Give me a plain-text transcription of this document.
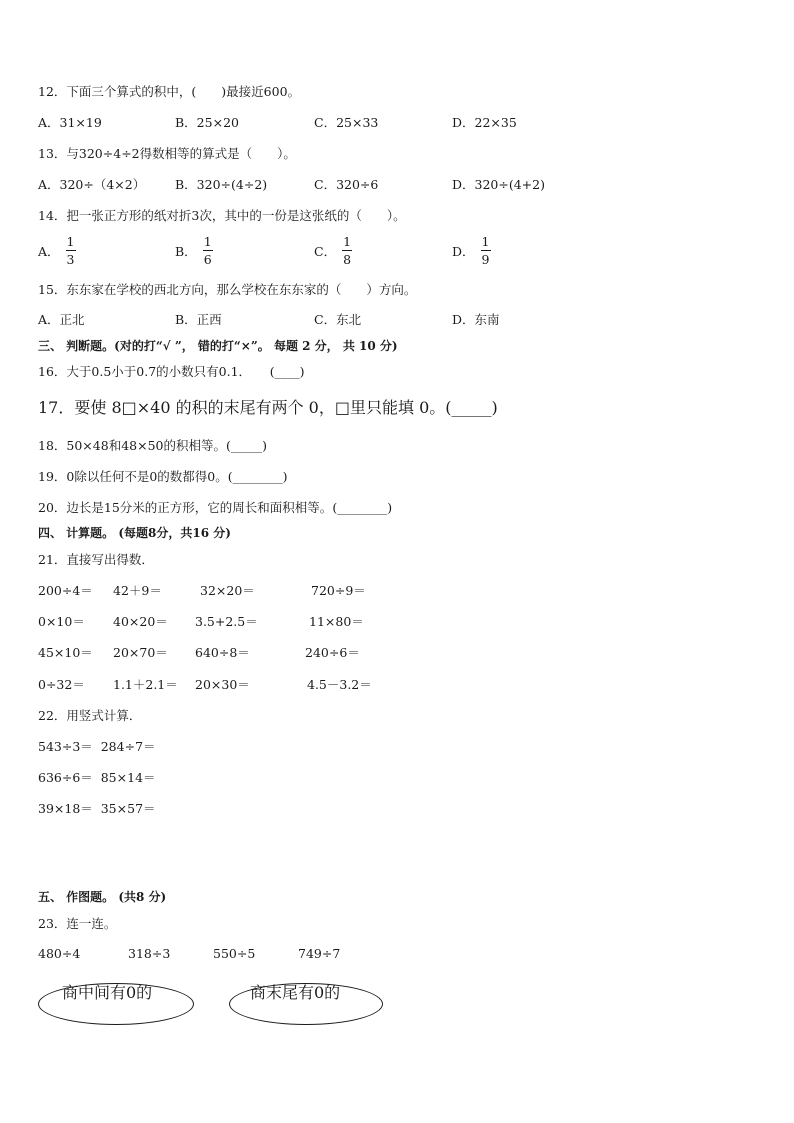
12．下面三个算式的积中，(　　)最接近600。
A．31×19	B．25×20	C．25×33	D．22×35
13．与320÷4÷2得数相等的算式是（　　）。
A．320÷（4×2） B．320÷(4÷2)	C．320÷6	D．320÷(4+2)
14．把一张正方形的纸对折3次，其中的一份是这张纸的（　　）。
A． $\frac{1}{3}$	B． $\frac{1}{6}$	C． $\frac{1}{8}$	D． $\frac{1}{9}$
15．东东家在学校的西北方向，那么学校在东东家的（　　）方向。
A．正北	B．正西	C．东北	D．东南
三、 判断题。(对的打“√ ”， 错的打“×”。 每题 2 分， 共 10 分)
16．大于0.5小于0.7的小数只有0.1．　　(____)
17．要使 8□×40 的积的末尾有两个 0，□里只能填 0。(_____)
18．50×48和48×50的积相等。(_____)
19．0除以任何不是0的数都得0。(________)
20．边长是15分米的正方形，它的周长和面积相等。(________)
四、 计算题。 (每题8分，共16 分)
21．直接写出得数．
200÷4＝ 42＋9＝	32×20＝	720÷9＝
0×10＝ 40×20＝ 3.5+2.5＝	11×80＝
45×10＝ 20×70＝ 640÷8＝	240÷6＝
0÷32＝ 1.1＋2.1＝ 20×30＝	4.5－3.2＝
22．用竖式计算．
543÷3＝  284÷7＝
636÷6＝  85×14＝
39×18＝  35×57＝
五、 作图题。 (共8 分)
23．连一连。
480÷4	318÷3	550÷5	749÷7
商中间有0的	商末尾有0的
